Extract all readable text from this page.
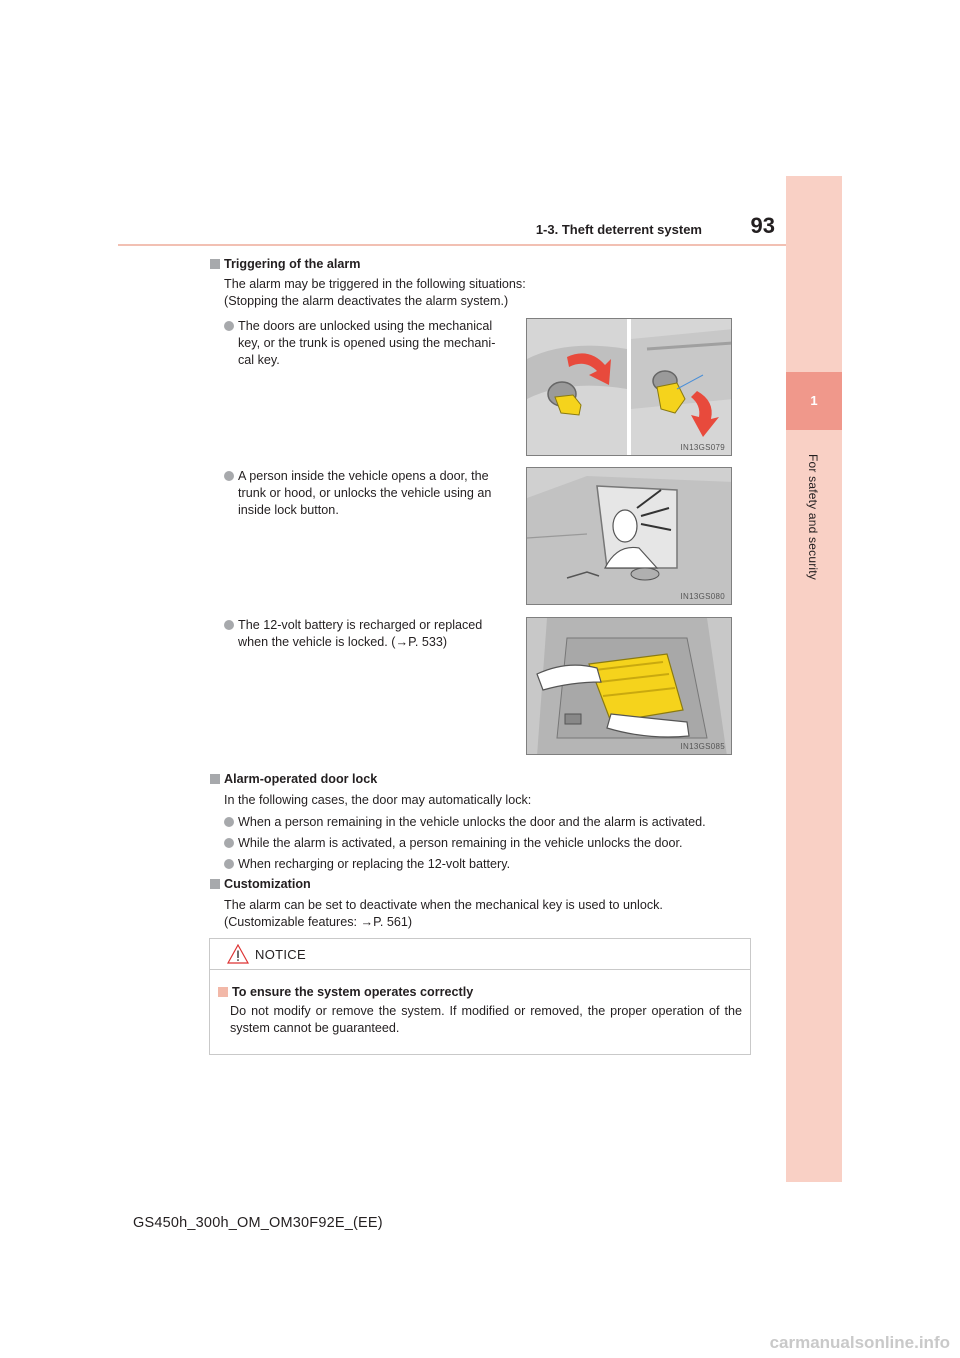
1-3. Theft deterrent system	93
1
For safety and security
Triggering of the alarm
The alarm may be triggered in the following situations:
(Stopping the alarm deactivates the alarm system.)
The doors are unlocked using the mechanical
key, or the trunk is opened using the mechani-
cal key.
IN13GS079
A person inside the vehicle opens a door, the
trunk or hood, or unlocks the vehicle using an
inside lock button.
IN13GS080
The 12-volt battery is recharged or replaced
when the vehicle is locked. (→P. 533)
IN13GS085
Alarm-operated door lock
In the following cases, the door may automatically lock:
When a person remaining in the vehicle unlocks the door and the alarm is activated.
While the alarm is activated, a person remaining in the vehicle unlocks the door.
When recharging or replacing the 12-volt battery.
Customization
The alarm can be set to deactivate when the mechanical key is used to unlock.
(Customizable features: →P. 561)
NOTICE
To ensure the system operates correctly
Do not modify or remove the system. If modified or removed, the proper operation of the system cannot be guaranteed.
GS450h_300h_OM_OM30F92E_(EE)
carmanualsonline.info
